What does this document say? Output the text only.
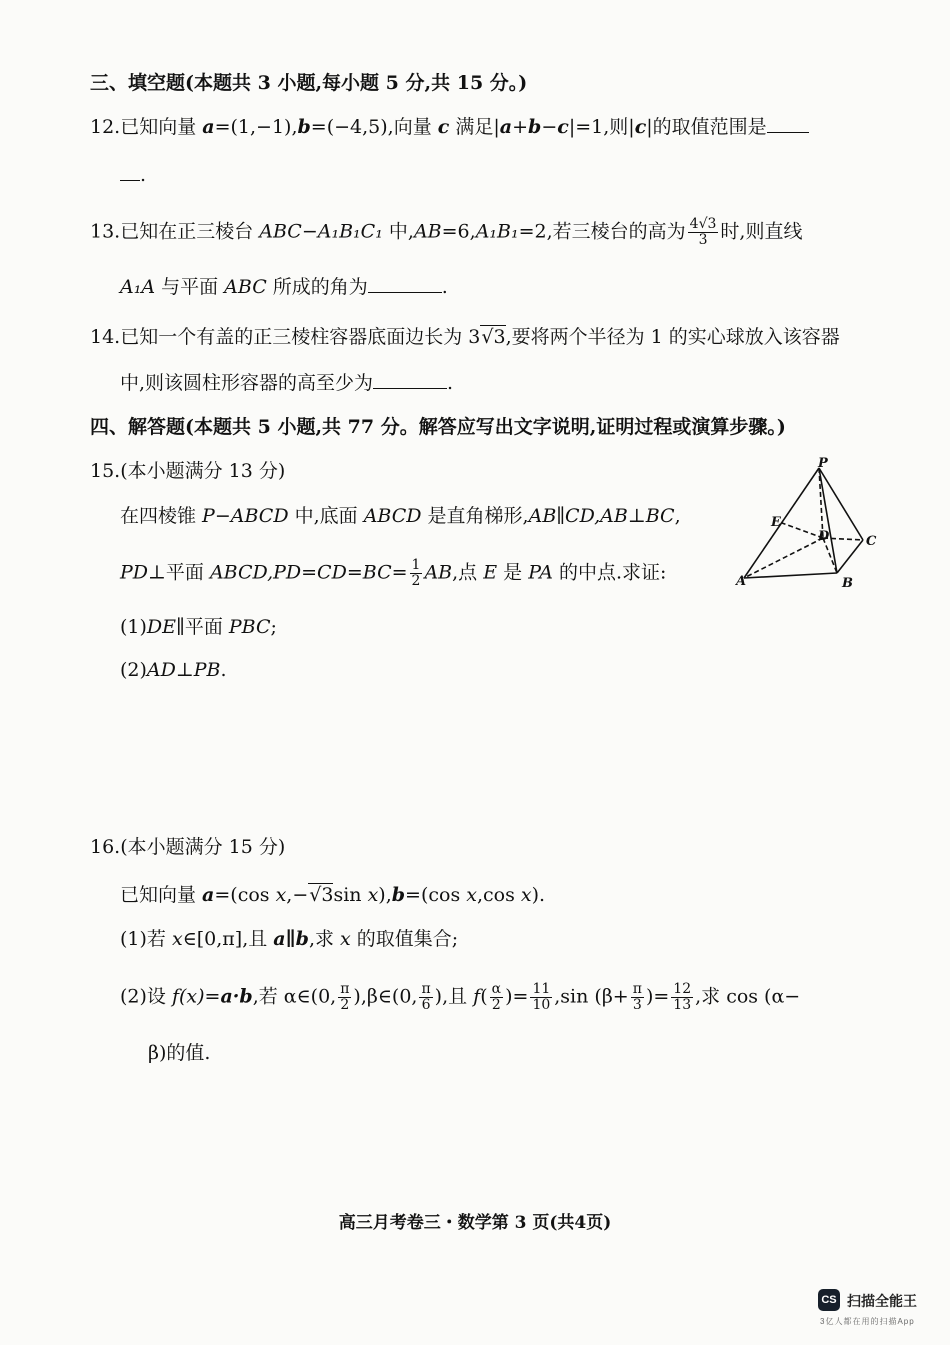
三、填空题(本题共 3 小题,每小题 5 分,共 15 分。)
12.已知向量 a=(1,−1),b=(−4,5),向量 c 满足|a+b−c|=1,则|c|的取值范围是
.
13.已知在正三棱台 ABC−A₁B₁C₁ 中,AB=6,A₁B₁=2,若三棱台的高为 $\frac{4√3}{3}$ 时,则直线
A₁A 与平面 ABC 所成的角为	.
14.已知一个有盖的正三棱柱容器底面边长为 3√3,要将两个半径为 1 的实心球放入该容器
中,则该圆柱形容器的高至少为	.
四、解答题(本题共 5 小题,共 77 分。解答应写出文字说明,证明过程或演算步骤。)
15.(本小题满分 13 分)
在四棱锥 P−ABCD 中,底面 ABCD 是直角梯形,AB∥CD,AB⊥BC,
PD⊥平面 ABCD,PD=CD=BC= $\frac{1}{2}$ AB,点 E 是 PA 的中点.求证:
(1)DE∥平面 PBC;
(2)AD⊥PB.
P
E
D	C
A	B
16.(本小题满分 15 分)
已知向量 a=(cos x,−√3sin x),b=(cos x,cos x).
(1)若 x∈[0,π],且 a∥b,求 x 的取值集合;
(2)设 f(x)=a·b,若 α∈(0, $\frac{\pi}{2}$ ),β∈(0, $\frac{\pi}{6}$ ),且 $f( \frac{\alpha}{2}$ )= $\frac{11}{10} ,\sin$ ($\beta+ \frac{\pi}{3}$ )= $\frac{12}{13}$ ,求 cos (α−
β)的值.
高三月考卷三・数学第 3 页(共4页)
CS 扫描全能王
3亿人都在用的扫描App
